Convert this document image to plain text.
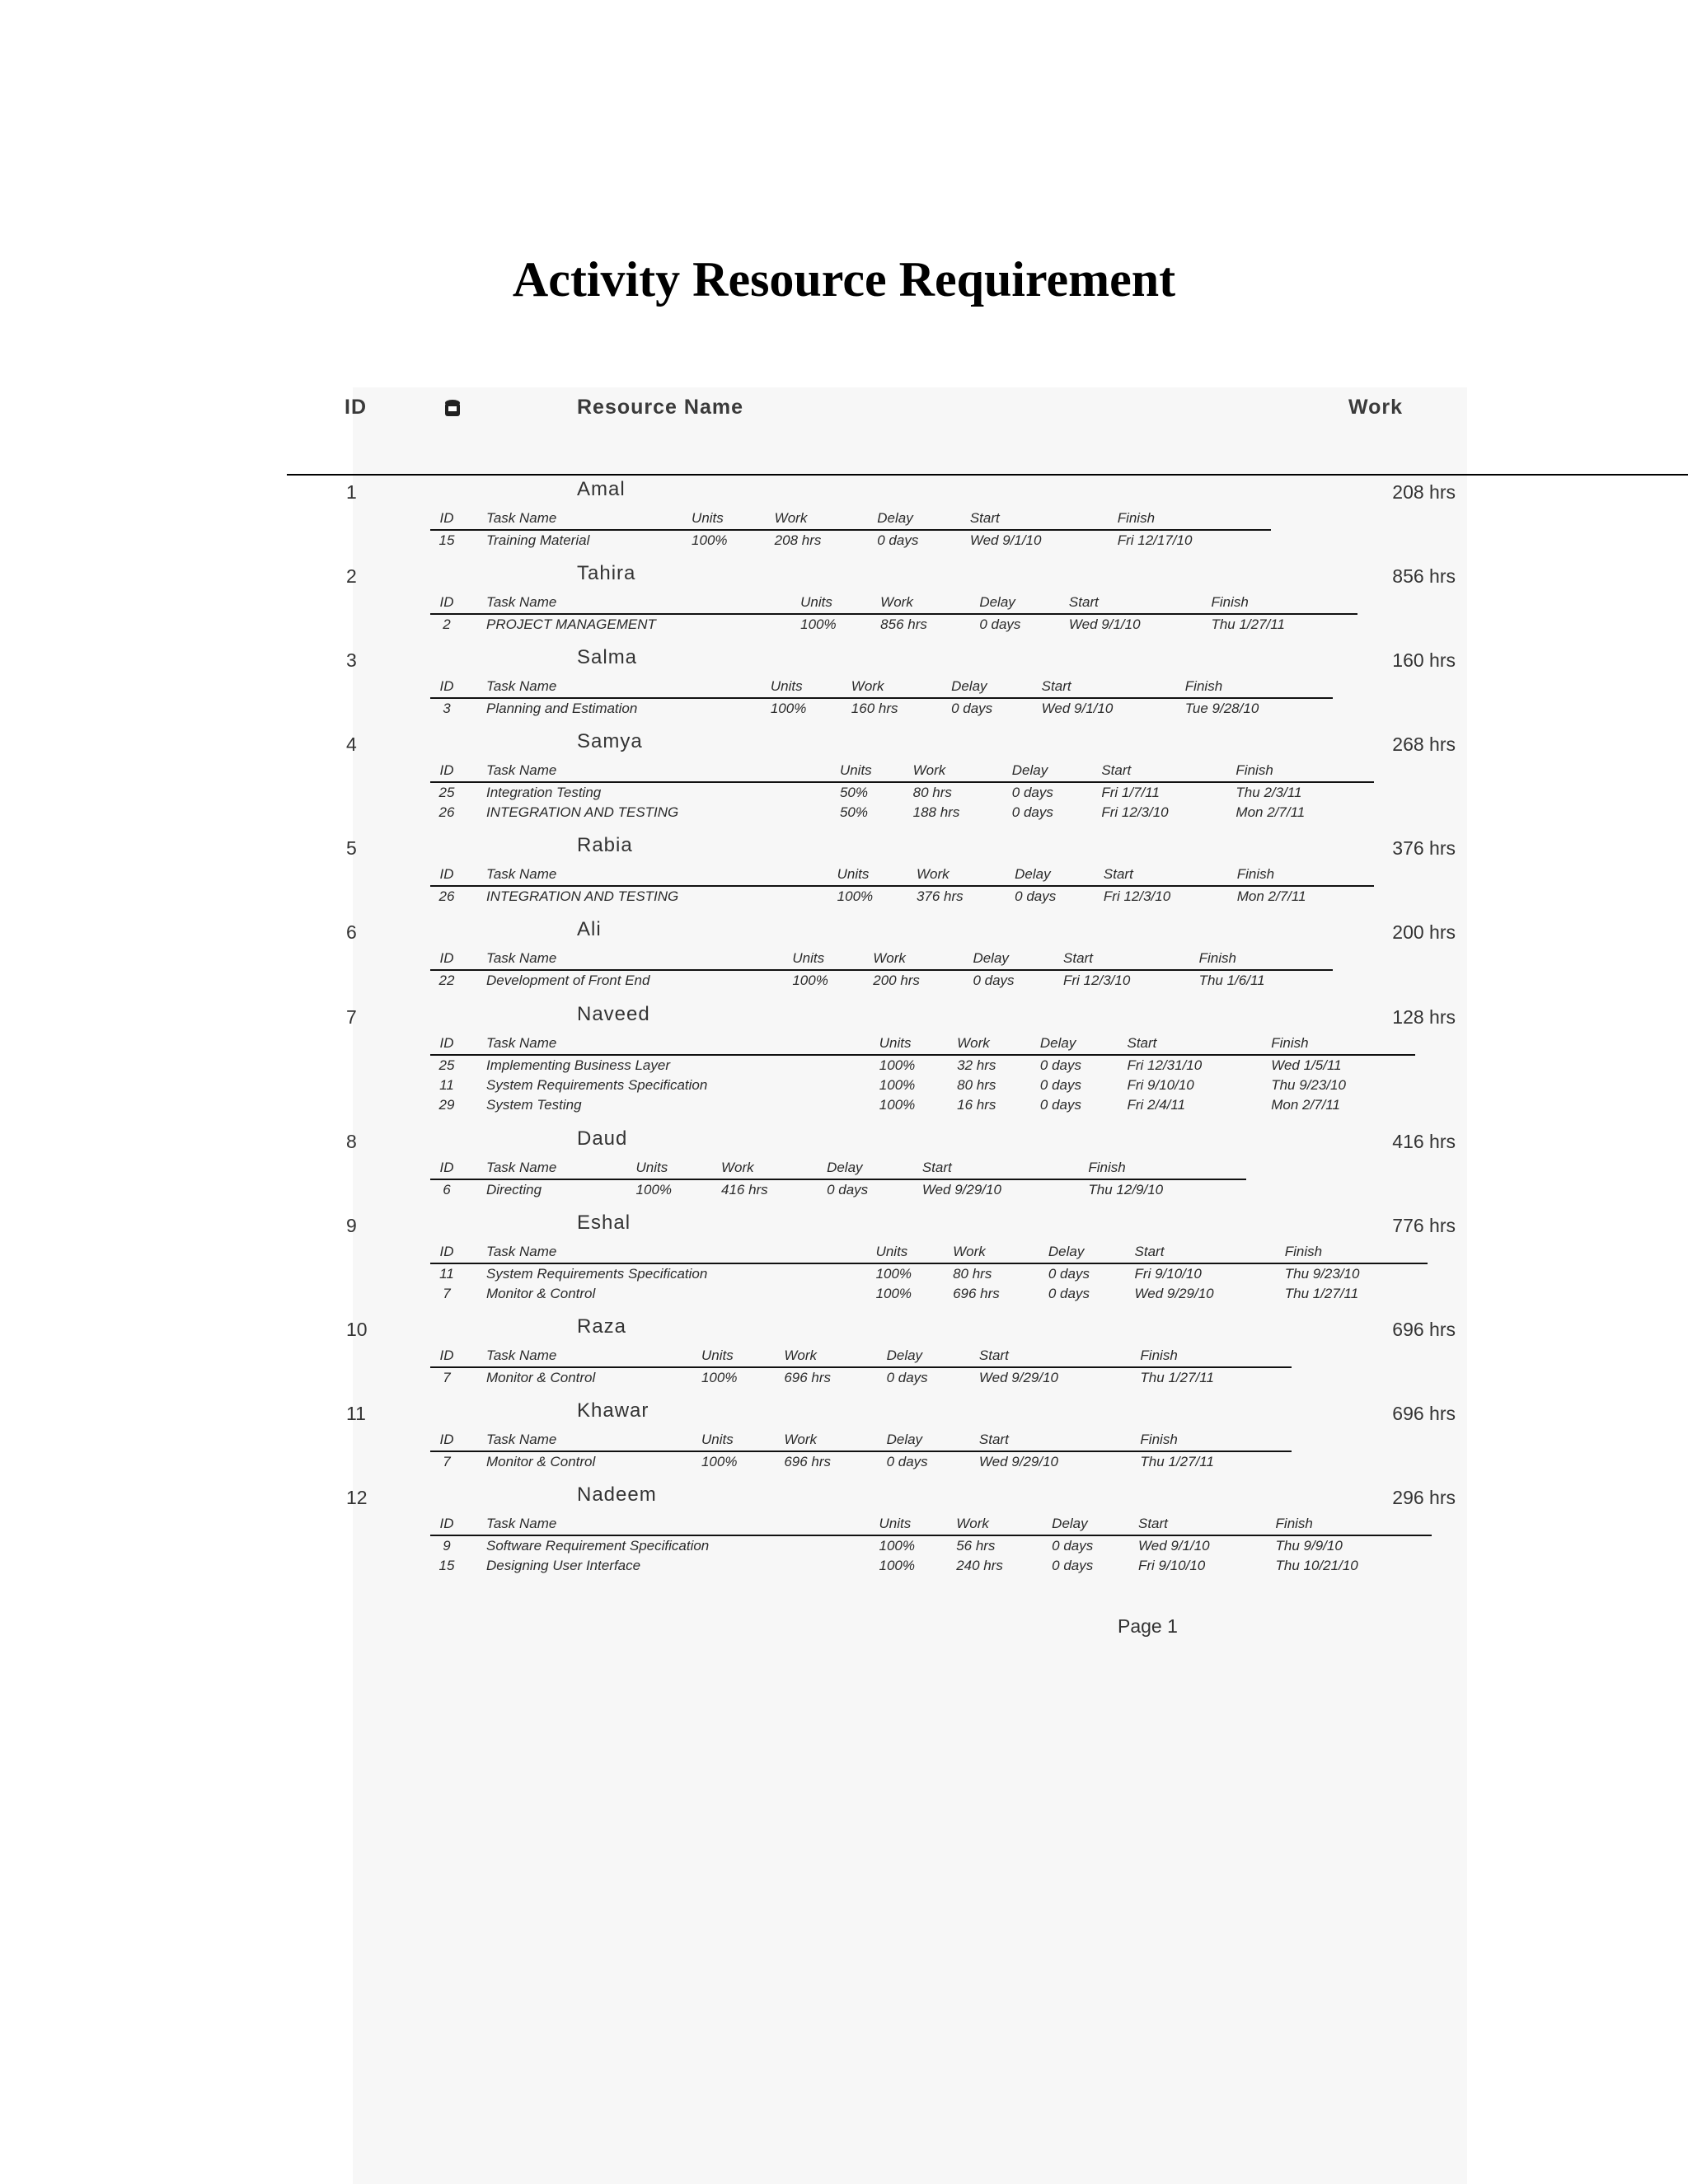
Activity Resource Requirement
ID	Resource Name	Work
1	Amal	208 hrs
ID	Task Name	Units	Work	Delay	Start	Finish
15	Training Material	100%	208 hrs	0 days	Wed 9/1/10	Fri 12/17/10
2	Tahira	856 hrs
ID	Task Name	Units	Work	Delay	Start	Finish
2	PROJECT MANAGEMENT	100%	856 hrs	0 days	Wed 9/1/10	Thu 1/27/11
3	Salma	160 hrs
ID	Task Name	Units	Work	Delay	Start	Finish
3	Planning and Estimation	100%	160 hrs	0 days	Wed 9/1/10	Tue 9/28/10
4	Samya	268 hrs
ID	Task Name	Units	Work	Delay	Start	Finish
25	Integration Testing	50%	80 hrs	0 days	Fri 1/7/11	Thu 2/3/11
26	INTEGRATION AND TESTING	50%	188 hrs	0 days	Fri 12/3/10	Mon 2/7/11
5	Rabia	376 hrs
ID	Task Name	Units	Work	Delay	Start	Finish
26	INTEGRATION AND TESTING	100%	376 hrs	0 days	Fri 12/3/10	Mon 2/7/11
6	Ali	200 hrs
ID	Task Name	Units	Work	Delay	Start	Finish
22	Development of Front End	100%	200 hrs	0 days	Fri 12/3/10	Thu 1/6/11
7	Naveed	128 hrs
ID	Task Name	Units	Work	Delay	Start	Finish
25	Implementing Business Layer	100%	32 hrs	0 days	Fri 12/31/10	Wed 1/5/11
11	System Requirements Specification	100%	80 hrs	0 days	Fri 9/10/10	Thu 9/23/10
29	System Testing	100%	16 hrs	0 days	Fri 2/4/11	Mon 2/7/11
8	Daud	416 hrs
ID	Task Name	Units	Work	Delay	Start	Finish
6	Directing	100%	416 hrs	0 days	Wed 9/29/10	Thu 12/9/10
9	Eshal	776 hrs
ID	Task Name	Units	Work	Delay	Start	Finish
11	System Requirements Specification	100%	80 hrs	0 days	Fri 9/10/10	Thu 9/23/10
7	Monitor & Control	100%	696 hrs	0 days	Wed 9/29/10	Thu 1/27/11
10	Raza	696 hrs
ID	Task Name	Units	Work	Delay	Start	Finish
7	Monitor & Control	100%	696 hrs	0 days	Wed 9/29/10	Thu 1/27/11
11	Khawar	696 hrs
ID	Task Name	Units	Work	Delay	Start	Finish
7	Monitor & Control	100%	696 hrs	0 days	Wed 9/29/10	Thu 1/27/11
12	Nadeem	296 hrs
ID	Task Name	Units	Work	Delay	Start	Finish
9	Software Requirement Specification	100%	56 hrs	0 days	Wed 9/1/10	Thu 9/9/10
15	Designing User Interface	100%	240 hrs	0 days	Fri 9/10/10	Thu 10/21/10
Page 1
